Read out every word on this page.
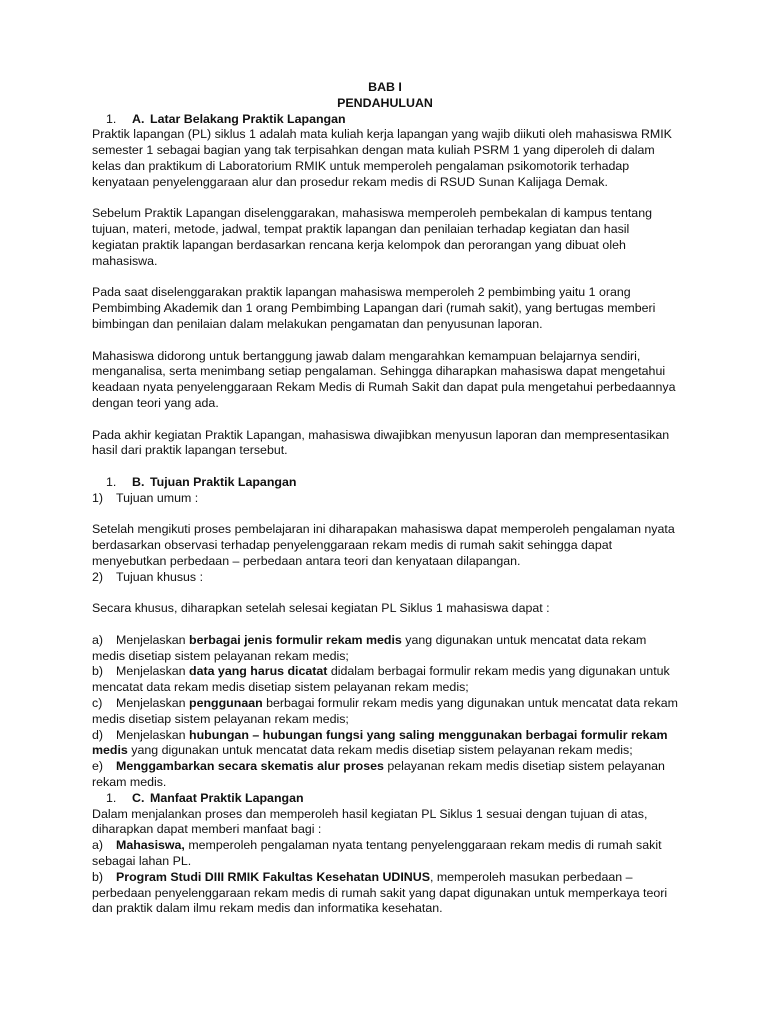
BAB I
PENDAHULUAN
1. A. Latar Belakang Praktik Lapangan

Praktik lapangan (PL) siklus 1 adalah mata kuliah kerja lapangan yang wajib diikuti oleh mahasiswa RMIK semester 1 sebagai bagian yang tak terpisahkan dengan mata kuliah PSRM 1 yang diperoleh di dalam kelas dan praktikum di Laboratorium RMIK untuk memperoleh pengalaman psikomotorik terhadap kenyataan penyelenggaraan alur dan prosedur rekam medis di RSUD Sunan Kalijaga Demak.

Sebelum Praktik Lapangan diselenggarakan, mahasiswa memperoleh pembekalan di kampus tentang tujuan, materi, metode, jadwal, tempat praktik lapangan dan penilaian terhadap kegiatan dan hasil kegiatan praktik lapangan berdasarkan rencana kerja kelompok dan perorangan yang dibuat oleh mahasiswa.

Pada saat diselenggarakan praktik lapangan mahasiswa memperoleh 2 pembimbing yaitu 1 orang Pembimbing Akademik dan 1 orang Pembimbing Lapangan dari (rumah sakit), yang bertugas memberi bimbingan dan penilaian dalam melakukan pengamatan dan penyusunan laporan.

Mahasiswa didorong untuk bertanggung jawab dalam mengarahkan kemampuan belajarnya sendiri, menganalisa, serta menimbang setiap pengalaman. Sehingga diharapkan mahasiswa dapat mengetahui keadaan nyata penyelenggaraan Rekam Medis di Rumah Sakit dan dapat pula mengetahui perbedaannya dengan teori yang ada.

Pada akhir kegiatan Praktik Lapangan, mahasiswa diwajibkan menyusun laporan dan mempresentasikan hasil dari praktik lapangan tersebut.

1. B. Tujuan Praktik Lapangan
1) Tujuan umum :

Setelah mengikuti proses pembelajaran ini diharapakan mahasiswa dapat memperoleh pengalaman nyata berdasarkan observasi terhadap penyelenggaraan rekam medis di rumah sakit sehingga dapat menyebutkan perbedaan – perbedaan antara teori dan kenyataan dilapangan.

2) Tujuan khusus :

Secara khusus, diharapkan setelah selesai kegiatan PL Siklus 1 mahasiswa dapat :

a) Menjelaskan berbagai jenis formulir rekam medis yang digunakan untuk mencatat data rekam medis disetiap sistem pelayanan rekam medis;

b) Menjelaskan data yang harus dicatat didalam berbagai formulir rekam medis yang digunakan untuk mencatat data rekam medis disetiap sistem pelayanan rekam medis;

c) Menjelaskan penggunaan berbagai formulir rekam medis yang digunakan untuk mencatat data rekam medis disetiap sistem pelayanan rekam medis;

d) Menjelaskan hubungan – hubungan fungsi yang saling menggunakan berbagai formulir rekam medis yang digunakan untuk mencatat data rekam medis disetiap sistem pelayanan rekam medis;

e) Menggambarkan secara skematis alur proses pelayanan rekam medis disetiap sistem pelayanan rekam medis.

1. C. Manfaat Praktik Lapangan

Dalam menjalankan proses dan memperoleh hasil kegiatan PL Siklus 1 sesuai dengan tujuan di atas, diharapkan dapat memberi manfaat bagi :

a) Mahasiswa, memperoleh pengalaman nyata tentang penyelenggaraan rekam medis di rumah sakit sebagai lahan PL.

b) Program Studi DIII RMIK Fakultas Kesehatan UDINUS, memperoleh masukan perbedaan – perbedaan penyelenggaraan rekam medis di rumah sakit yang dapat digunakan untuk memperkaya teori dan praktik dalam ilmu rekam medis dan informatika kesehatan.
